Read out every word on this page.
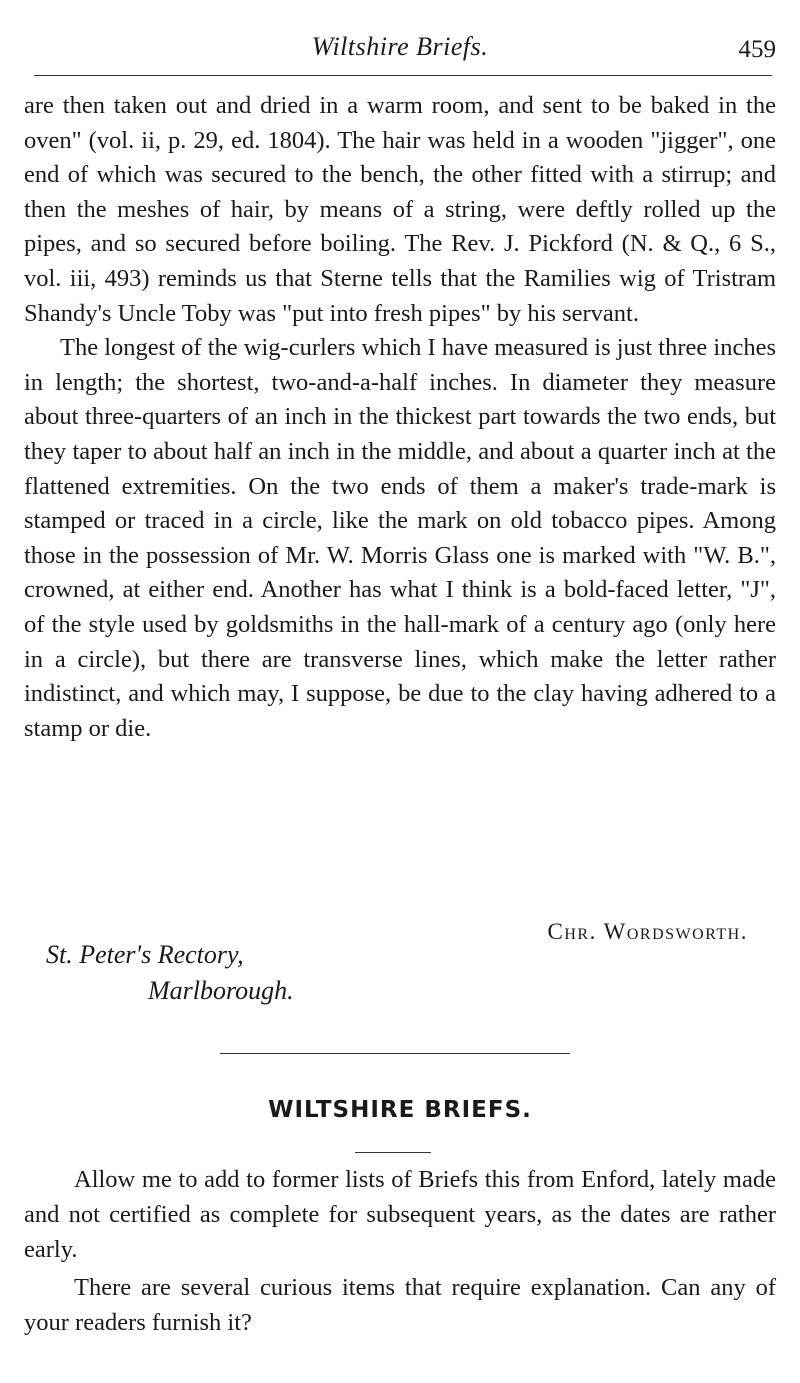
Wiltshire Briefs.	459

are then taken out and dried in a warm room, and sent to be baked in the oven" (vol. ii, p. 29, ed. 1804). The hair was held in a wooden "jigger", one end of which was secured to the bench, the other fitted with a stirrup; and then the meshes of hair, by means of a string, were deftly rolled up the pipes, and so secured before boiling. The Rev. J. Pickford (N. & Q., 6 S., vol. iii, 493) reminds us that Sterne tells that the Ramilies wig of Tristram Shandy's Uncle Toby was "put into fresh pipes" by his servant.

The longest of the wig-curlers which I have measured is just three inches in length; the shortest, two-and-a-half inches. In diameter they measure about three-quarters of an inch in the thickest part towards the two ends, but they taper to about half an inch in the middle, and about a quarter inch at the flattened extremities. On the two ends of them a maker's trade-mark is stamped or traced in a circle, like the mark on old tobacco pipes. Among those in the possession of Mr. W. Morris Glass one is marked with "W. B.", crowned, at either end. Another has what I think is a bold-faced letter, "J", of the style used by goldsmiths in the hall-mark of a century ago (only here in a circle), but there are transverse lines, which make the letter rather indistinct, and which may, I suppose, be due to the clay having adhered to a stamp or die.

Chr. Wordsworth.
St. Peter's Rectory,
Marlborough.
WILTSHIRE BRIEFS.

Allow me to add to former lists of Briefs this from Enford, lately made and not certified as complete for subsequent years, as the dates are rather early.

There are several curious items that require explanation. Can any of your readers furnish it?
